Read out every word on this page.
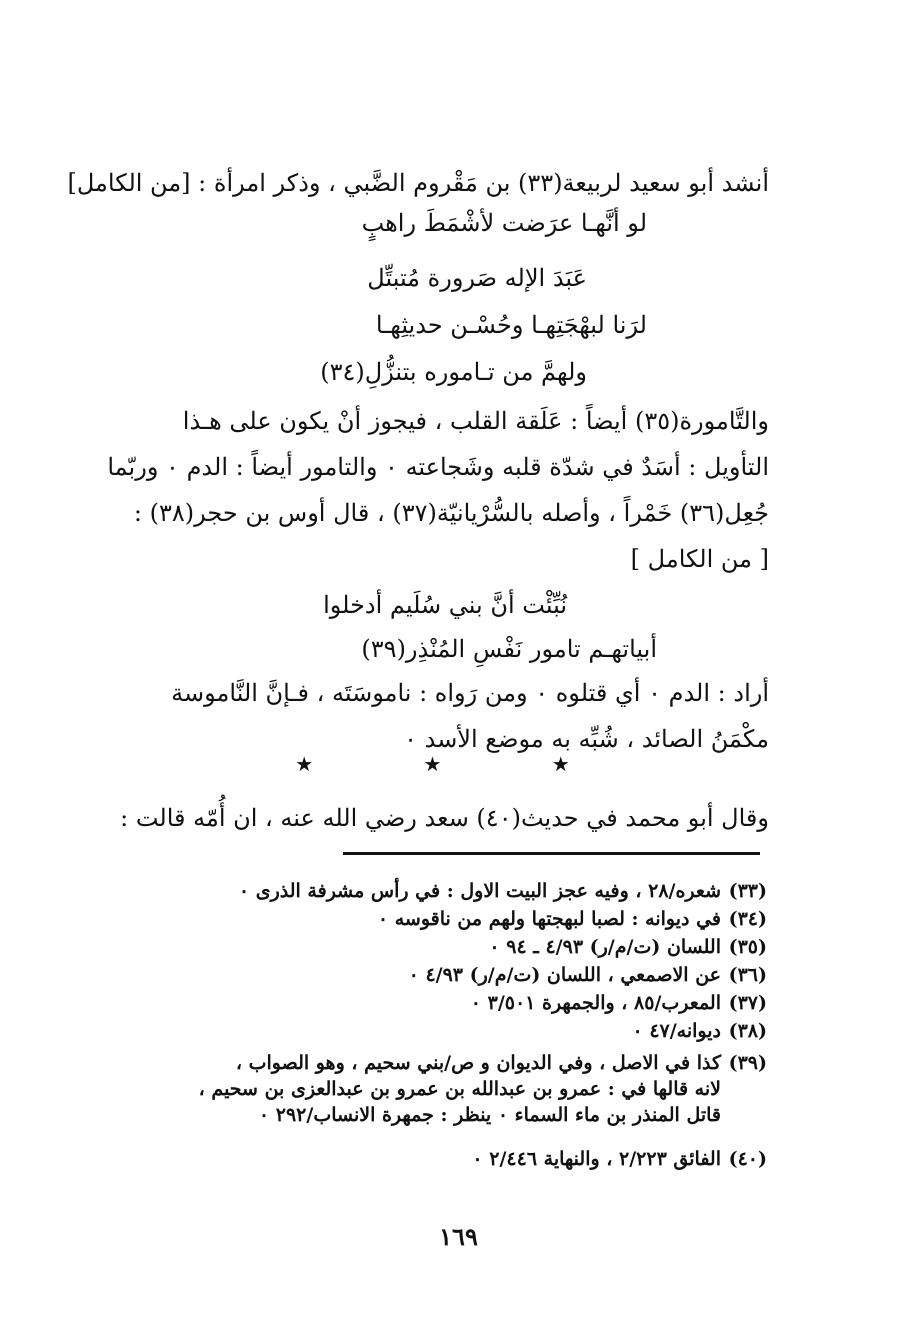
أنشد أبو سعيد لربيعة(٣٣) بن مَقْروم الضَّبي ، وذكر امرأة : [من الكامل]
لو أنَّهـا عرَضت لأشْمَطَ راهبٍ
عَبَدَ الإله صَرورة مُتبتِّل
لرَنا لبهْجَتِهـا وحُسْـن حديثِهـا
ولهمَّ من تـاموره بتنزُّلِ(٣٤)
والتَّامورة(٣٥) أيضاً : عَلَقة القلب ، فيجوز أنْ يكون على هـذا
التأويل : أسَدٌ في شدّة قلبه وشَجاعته ٠ والتامور أيضاً : الدم ٠ وربّما
جُعِل(٣٦) خَمْراً ، وأصله بالسُّرْيانيّة(٣٧) ، قال أوس بن حجر(٣٨) :
[ من الكامل ]
نُبِّئْت أنَّ بني سُلَيم أدخلوا
أبياتهـم تامور نَفْسِ المُنْذِر(٣٩)
أراد : الدم ٠ أي قتلوه ٠ ومن رَواه : ناموسَتَه ، فـإنَّ النَّاموسة
مكْمَنُ الصائد ، شُبِّه به موضع الأسد ٠
★ ★ ★
وقال أبو محمد في حديث(٤٠) سعد رضي الله عنه ، ان أُمّه قالت :
(٣٣)شعره/٢٨ ، وفيه عجز البيت الاول : في رأس مشرفة الذرى ٠
(٣٤)في ديوانه : لصبا لبهجتها ولهم من ناقوسه ٠
(٣٥)اللسان (ت/م/ر) ٤/٩٣ ـ ٩٤ ٠
(٣٦)عن الاصمعي ، اللسان (ت/م/ر) ٤/٩٣ ٠
(٣٧)المعرب/٨٥ ، والجمهرة ٣/٥٠١ ٠
(٣٨)ديوانه/٤٧ ٠
(٣٩)كذا في الاصل ، وفي الديوان و ص/بني سحيم ، وهو الصواب ،
لانه قالها في : عمرو بن عبدالله بن عمرو بن عبدالعزى بن سحيم ،
قاتل المنذر بن ماء السماء ٠ ينظر : جمهرة الانساب/٢٩٢ ٠
(٤٠)الفائق ٢/٢٢٣ ، والنهاية ٢/٤٤٦ ٠
١٦٩
